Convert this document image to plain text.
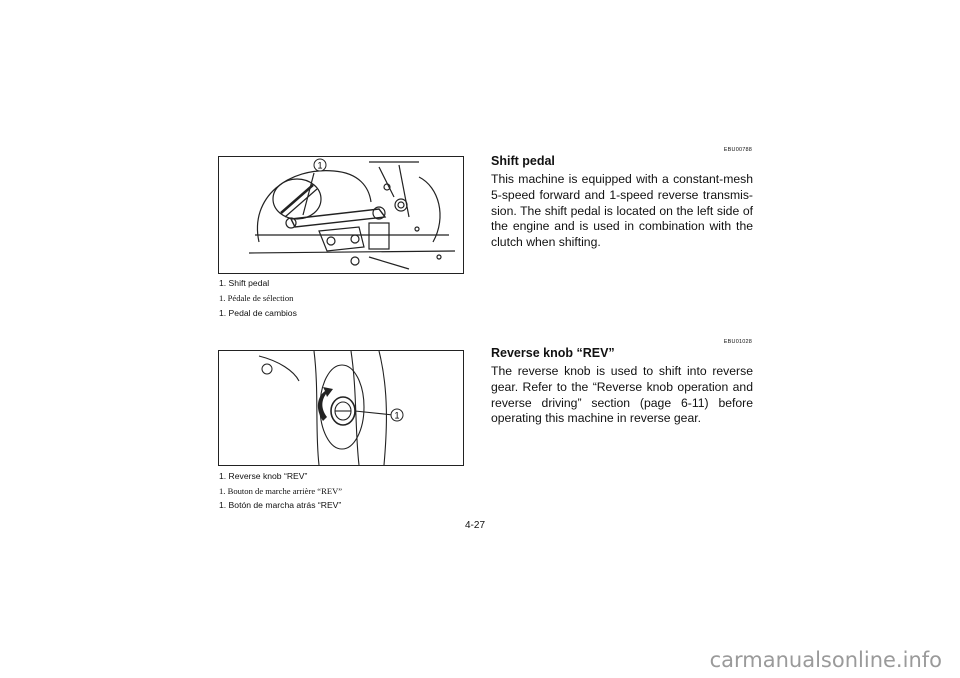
1

1. Shift pedal

1. Pédale de sélection

1. Pedal de cambios

1

1. Reverse knob “REV”

1. Bouton de marche arrière “REV”

1. Botón de marcha atrás “REV”

EBU00788
Shift pedal

This machine is equipped with a constant-mesh 5-speed forward and 1-speed reverse transmis-sion. The shift pedal is located on the left side of the engine and is used in combination with the clutch when shifting.

EBU01028
Reverse knob “REV”

The reverse knob is used to shift into reverse gear. Refer to the “Reverse knob operation and reverse driving” section (page 6-11) before operating this machine in reverse gear.

4-27
carmanualsonline.info
